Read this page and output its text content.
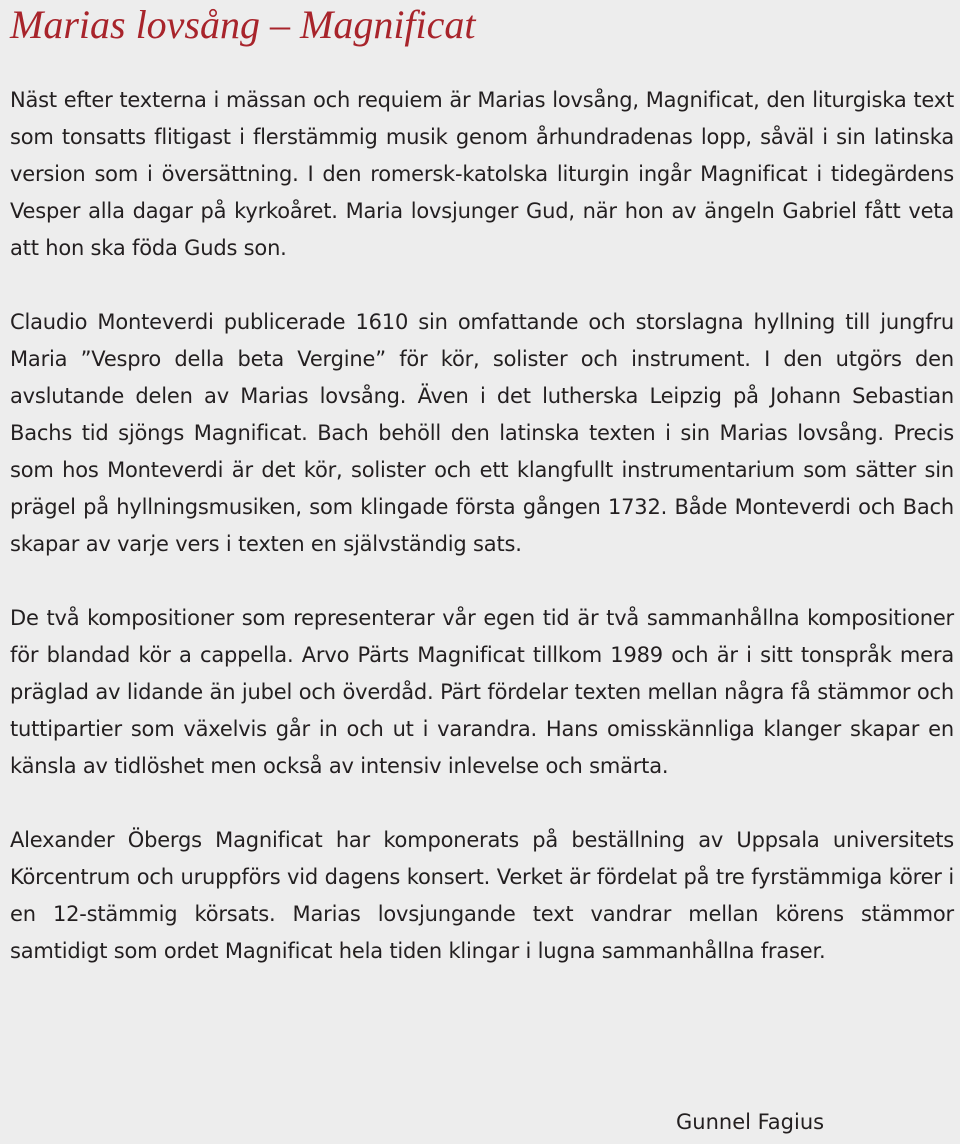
Marias lovsång – Magnificat

Näst efter texterna i mässan och requiem är Marias lovsång, Magnificat, den liturgiska text som tonsatts flitigast i flerstämmig musik genom århundradenas lopp, såväl i sin latinska version som i översättning. I den romersk-katolska liturgin ingår Magnificat i tidegärdens Vesper alla dagar på kyrkoåret. Maria lovsjunger Gud, när hon av ängeln Gabriel fått veta att hon ska föda Guds son.

Claudio Monteverdi publicerade 1610 sin omfattande och storslagna hyllning till jungfru Maria ”Vespro della beta Vergine” för kör, solister och instrument. I den utgörs den avslutande delen av Marias lovsång. Även i det lutherska Leipzig på Johann Sebastian Bachs tid sjöngs Magnificat. Bach behöll den latinska texten i sin Marias lovsång. Precis som hos Monteverdi är det kör, solister och ett klangfullt instrumentarium som sätter sin prägel på hyllningsmusiken, som klingade första gången 1732. Både Monteverdi och Bach skapar av varje vers i texten en självständig sats.

De två kompositioner som representerar vår egen tid är två sammanhållna kompositioner för blandad kör a cappella. Arvo Pärts Magnificat tillkom 1989 och är i sitt tonspråk mera präglad av lidande än jubel och överdåd. Pärt fördelar texten mellan några få stämmor och tuttipartier som växelvis går in och ut i varandra. Hans omisskännliga klanger skapar en känsla av tidlöshet men också av intensiv inlevelse och smärta.

Alexander Öbergs Magnificat har komponerats på beställning av Uppsala universitets Körcentrum och uruppförs vid dagens konsert. Verket är fördelat på tre fyrstämmiga körer i en 12-stämmig körsats. Marias lovsjungande text vandrar mellan körens stämmor samtidigt som ordet Magnificat hela tiden klingar i lugna sammanhållna fraser.

Gunnel Fagius
